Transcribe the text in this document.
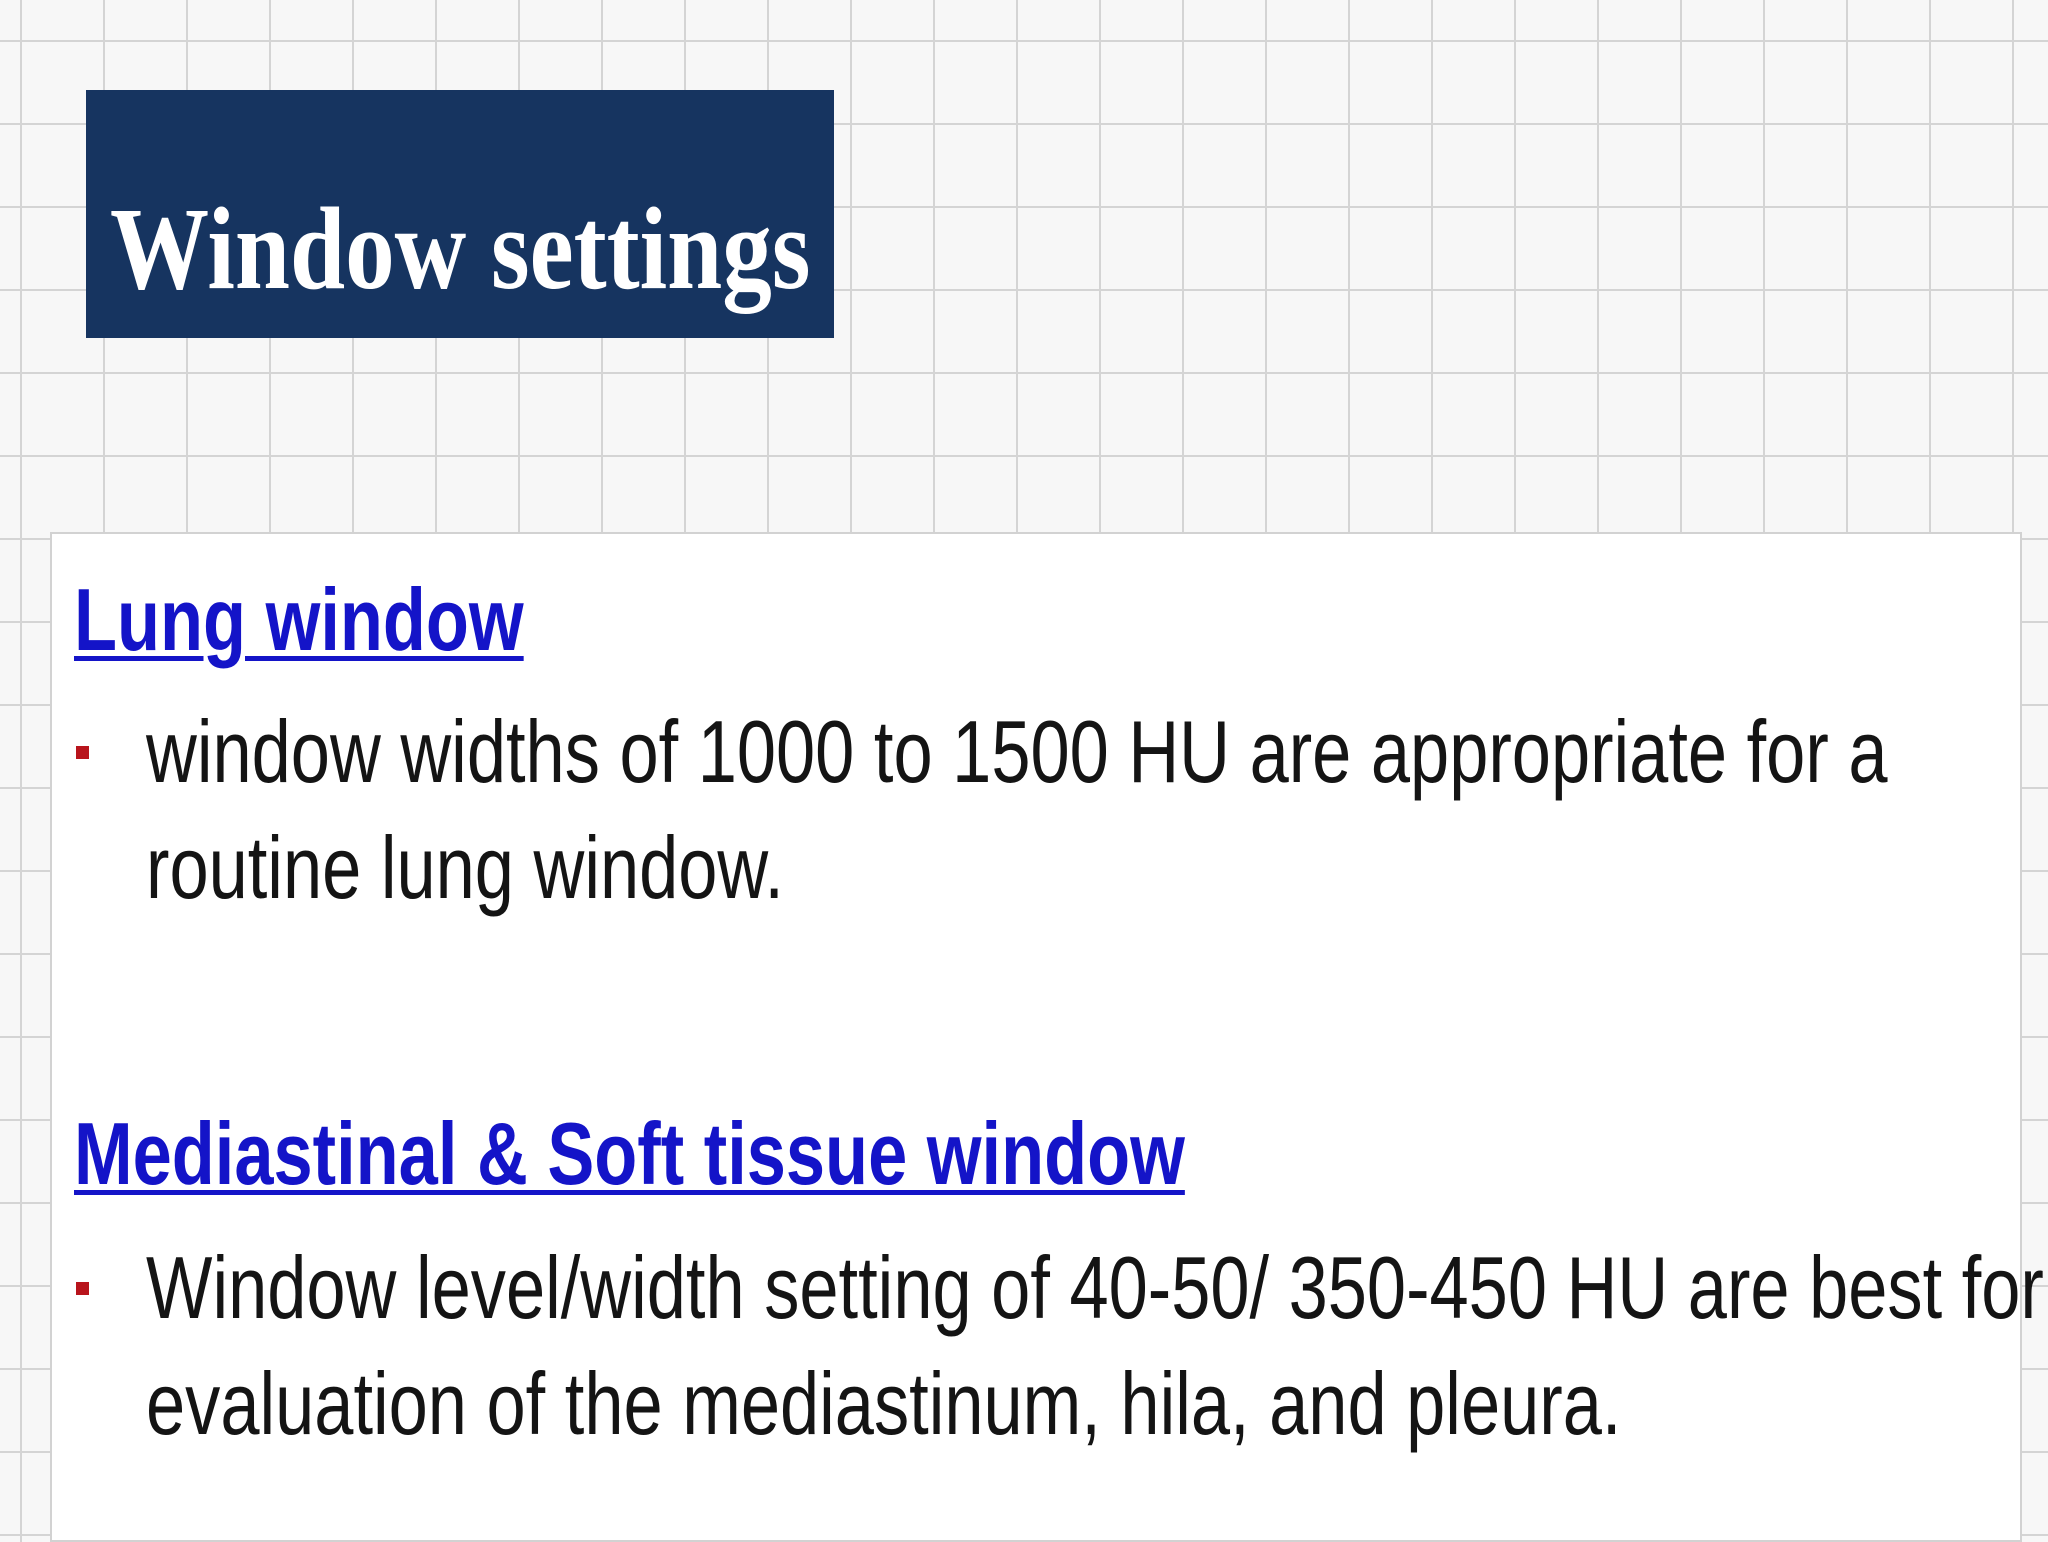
Window settings
Lung window
window widths of 1000 to 1500 HU are appropriate for a
routine lung window.
Mediastinal & Soft tissue window
Window level/width setting of 40-50/ 350-450 HU are best for
evaluation of the mediastinum, hila, and pleura.
